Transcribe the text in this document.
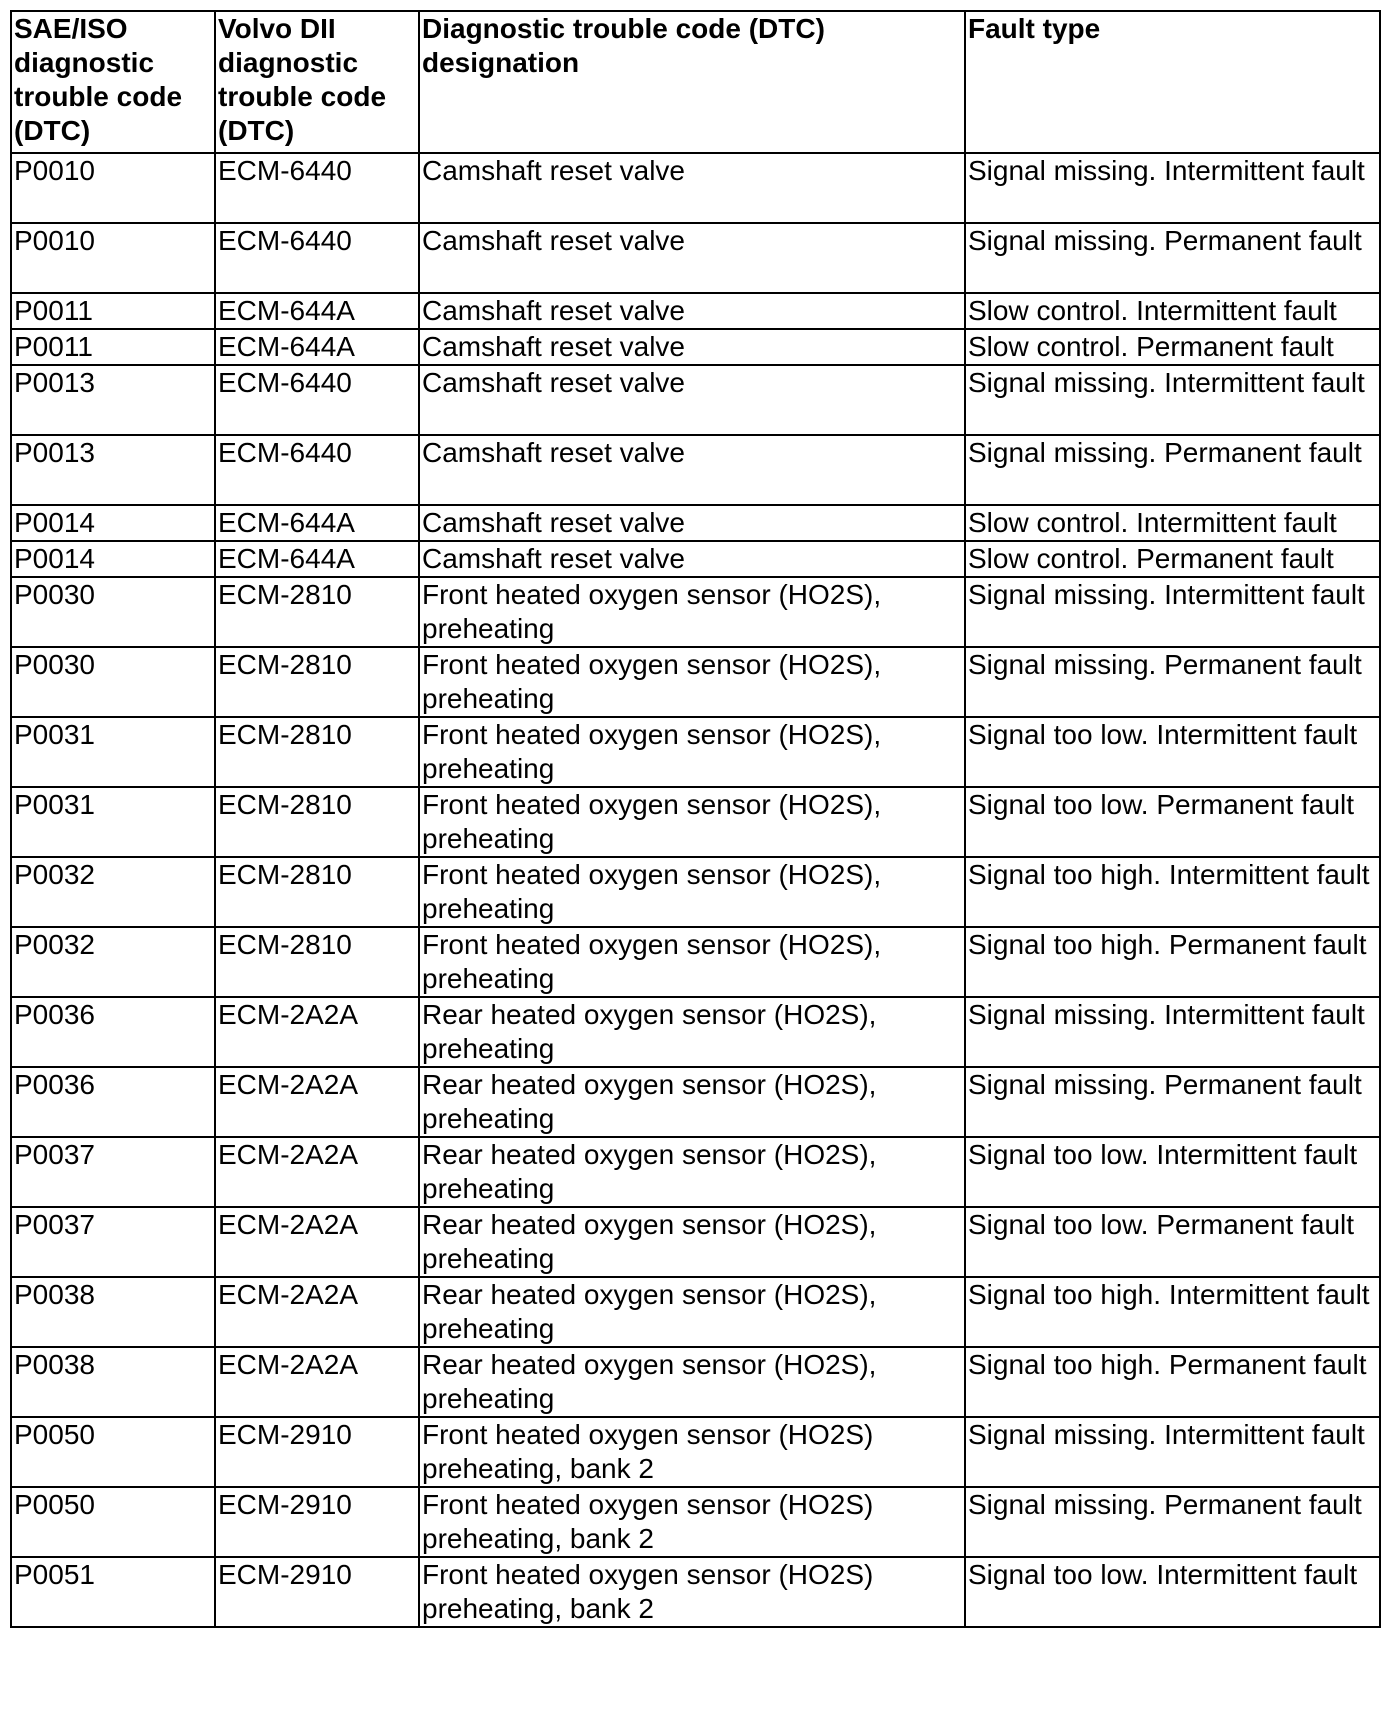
SAE/ISO diagnostic trouble code (DTC)	Volvo DII diagnostic trouble code (DTC)	Diagnostic trouble code (DTC) designation	Fault type
P0010	ECM-6440	Camshaft reset valve	Signal missing. Intermittent fault
P0010	ECM-6440	Camshaft reset valve	Signal missing. Permanent fault
P0011	ECM-644A	Camshaft reset valve	Slow control. Intermittent fault
P0011	ECM-644A	Camshaft reset valve	Slow control. Permanent fault
P0013	ECM-6440	Camshaft reset valve	Signal missing. Intermittent fault
P0013	ECM-6440	Camshaft reset valve	Signal missing. Permanent fault
P0014	ECM-644A	Camshaft reset valve	Slow control. Intermittent fault
P0014	ECM-644A	Camshaft reset valve	Slow control. Permanent fault
P0030	ECM-2810	Front heated oxygen sensor (HO2S), preheating	Signal missing. Intermittent fault
P0030	ECM-2810	Front heated oxygen sensor (HO2S), preheating	Signal missing. Permanent fault
P0031	ECM-2810	Front heated oxygen sensor (HO2S), preheating	Signal too low. Intermittent fault
P0031	ECM-2810	Front heated oxygen sensor (HO2S), preheating	Signal too low. Permanent fault
P0032	ECM-2810	Front heated oxygen sensor (HO2S), preheating	Signal too high. Intermittent fault
P0032	ECM-2810	Front heated oxygen sensor (HO2S), preheating	Signal too high. Permanent fault
P0036	ECM-2A2A	Rear heated oxygen sensor (HO2S), preheating	Signal missing. Intermittent fault
P0036	ECM-2A2A	Rear heated oxygen sensor (HO2S), preheating	Signal missing. Permanent fault
P0037	ECM-2A2A	Rear heated oxygen sensor (HO2S), preheating	Signal too low. Intermittent fault
P0037	ECM-2A2A	Rear heated oxygen sensor (HO2S), preheating	Signal too low. Permanent fault
P0038	ECM-2A2A	Rear heated oxygen sensor (HO2S), preheating	Signal too high. Intermittent fault
P0038	ECM-2A2A	Rear heated oxygen sensor (HO2S), preheating	Signal too high. Permanent fault
P0050	ECM-2910	Front heated oxygen sensor (HO2S) preheating, bank 2	Signal missing. Intermittent fault
P0050	ECM-2910	Front heated oxygen sensor (HO2S) preheating, bank 2	Signal missing. Permanent fault
P0051	ECM-2910	Front heated oxygen sensor (HO2S) preheating, bank 2	Signal too low. Intermittent fault
